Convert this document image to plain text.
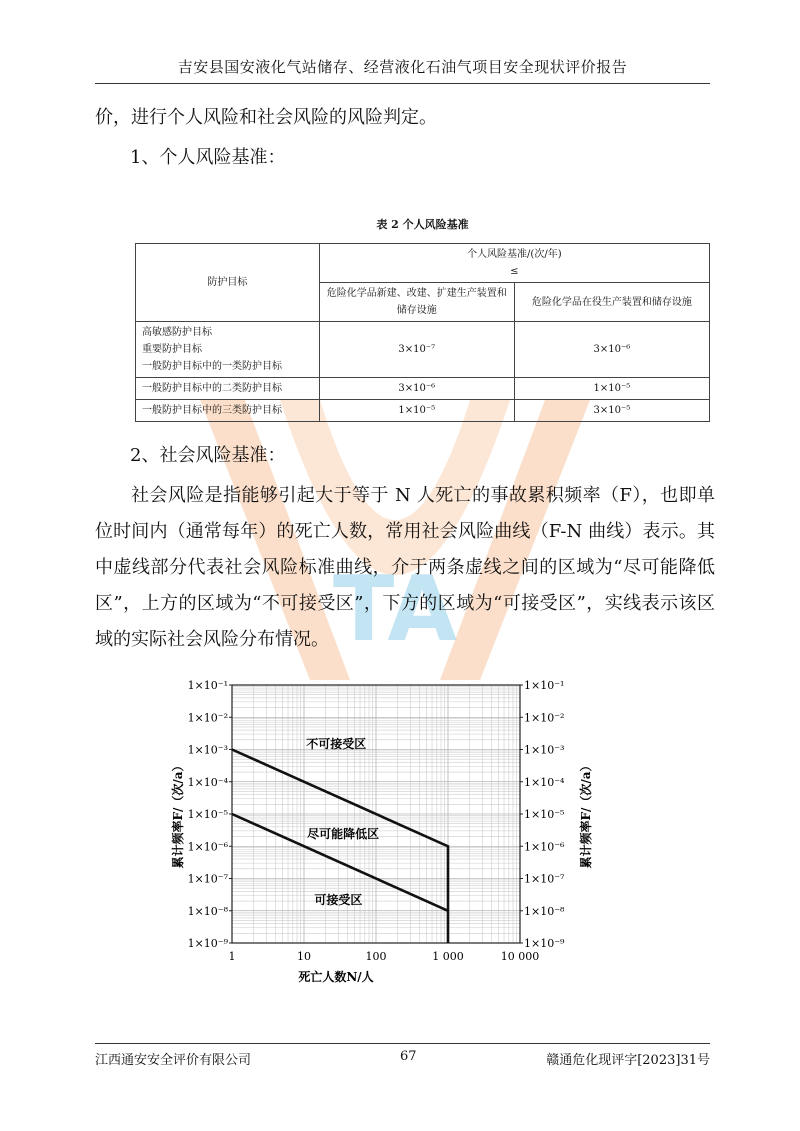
吉安县国安液化气站储存、经营液化石油气项目安全现状评价报告
TA
价，进行个人风险和社会风险的风险判定。
1、个人风险基准：
表 2 个人风险基准
防护目标	个人风险基准/(次/年)
≤	

	危险化学品新建、改建、扩建生产装置和储存设施	危险化学品在役生产装置和储存设施

高敏感防护目标
重要防护目标
一般防护目标中的一类防护目标	3×10⁻⁷	3×10⁻⁶
一般防护目标中的二类防护目标	3×10⁻⁶	1×10⁻⁵
一般防护目标中的三类防护目标	1×10⁻⁵	3×10⁻⁵
2、社会风险基准：
社会风险是指能够引起大于等于 N 人死亡的事故累积频率（F），也即单位时间内（通常每年）的死亡人数，常用社会风险曲线（F-N 曲线）表示。其中虚线部分代表社会风险标准曲线，介于两条虚线之间的区域为“尽可能降低区”，上方的区域为“不可接受区”，下方的区域为“可接受区”，实线表示该区域的实际社会风险分布情况。
1×10⁻¹	1×10⁻¹
1×10⁻²	1×10⁻²
1×10⁻³	1×10⁻³
1×10⁻⁴	1×10⁻⁴
1×10⁻⁵	1×10⁻⁵
1×10⁻⁶	1×10⁻⁶
1×10⁻⁷	1×10⁻⁷
1×10⁻⁸	1×10⁻⁸
1×10⁻⁹	1×10⁻⁹
1	10	100	1 000	10 000
死亡人数N/人
累计频率F/（次/a）	累计频率F/（次/a）
不可接受区
尽可能降低区
可接受区
江西通安安全评价有限公司	67	赣通危化现评字[2023]31号
